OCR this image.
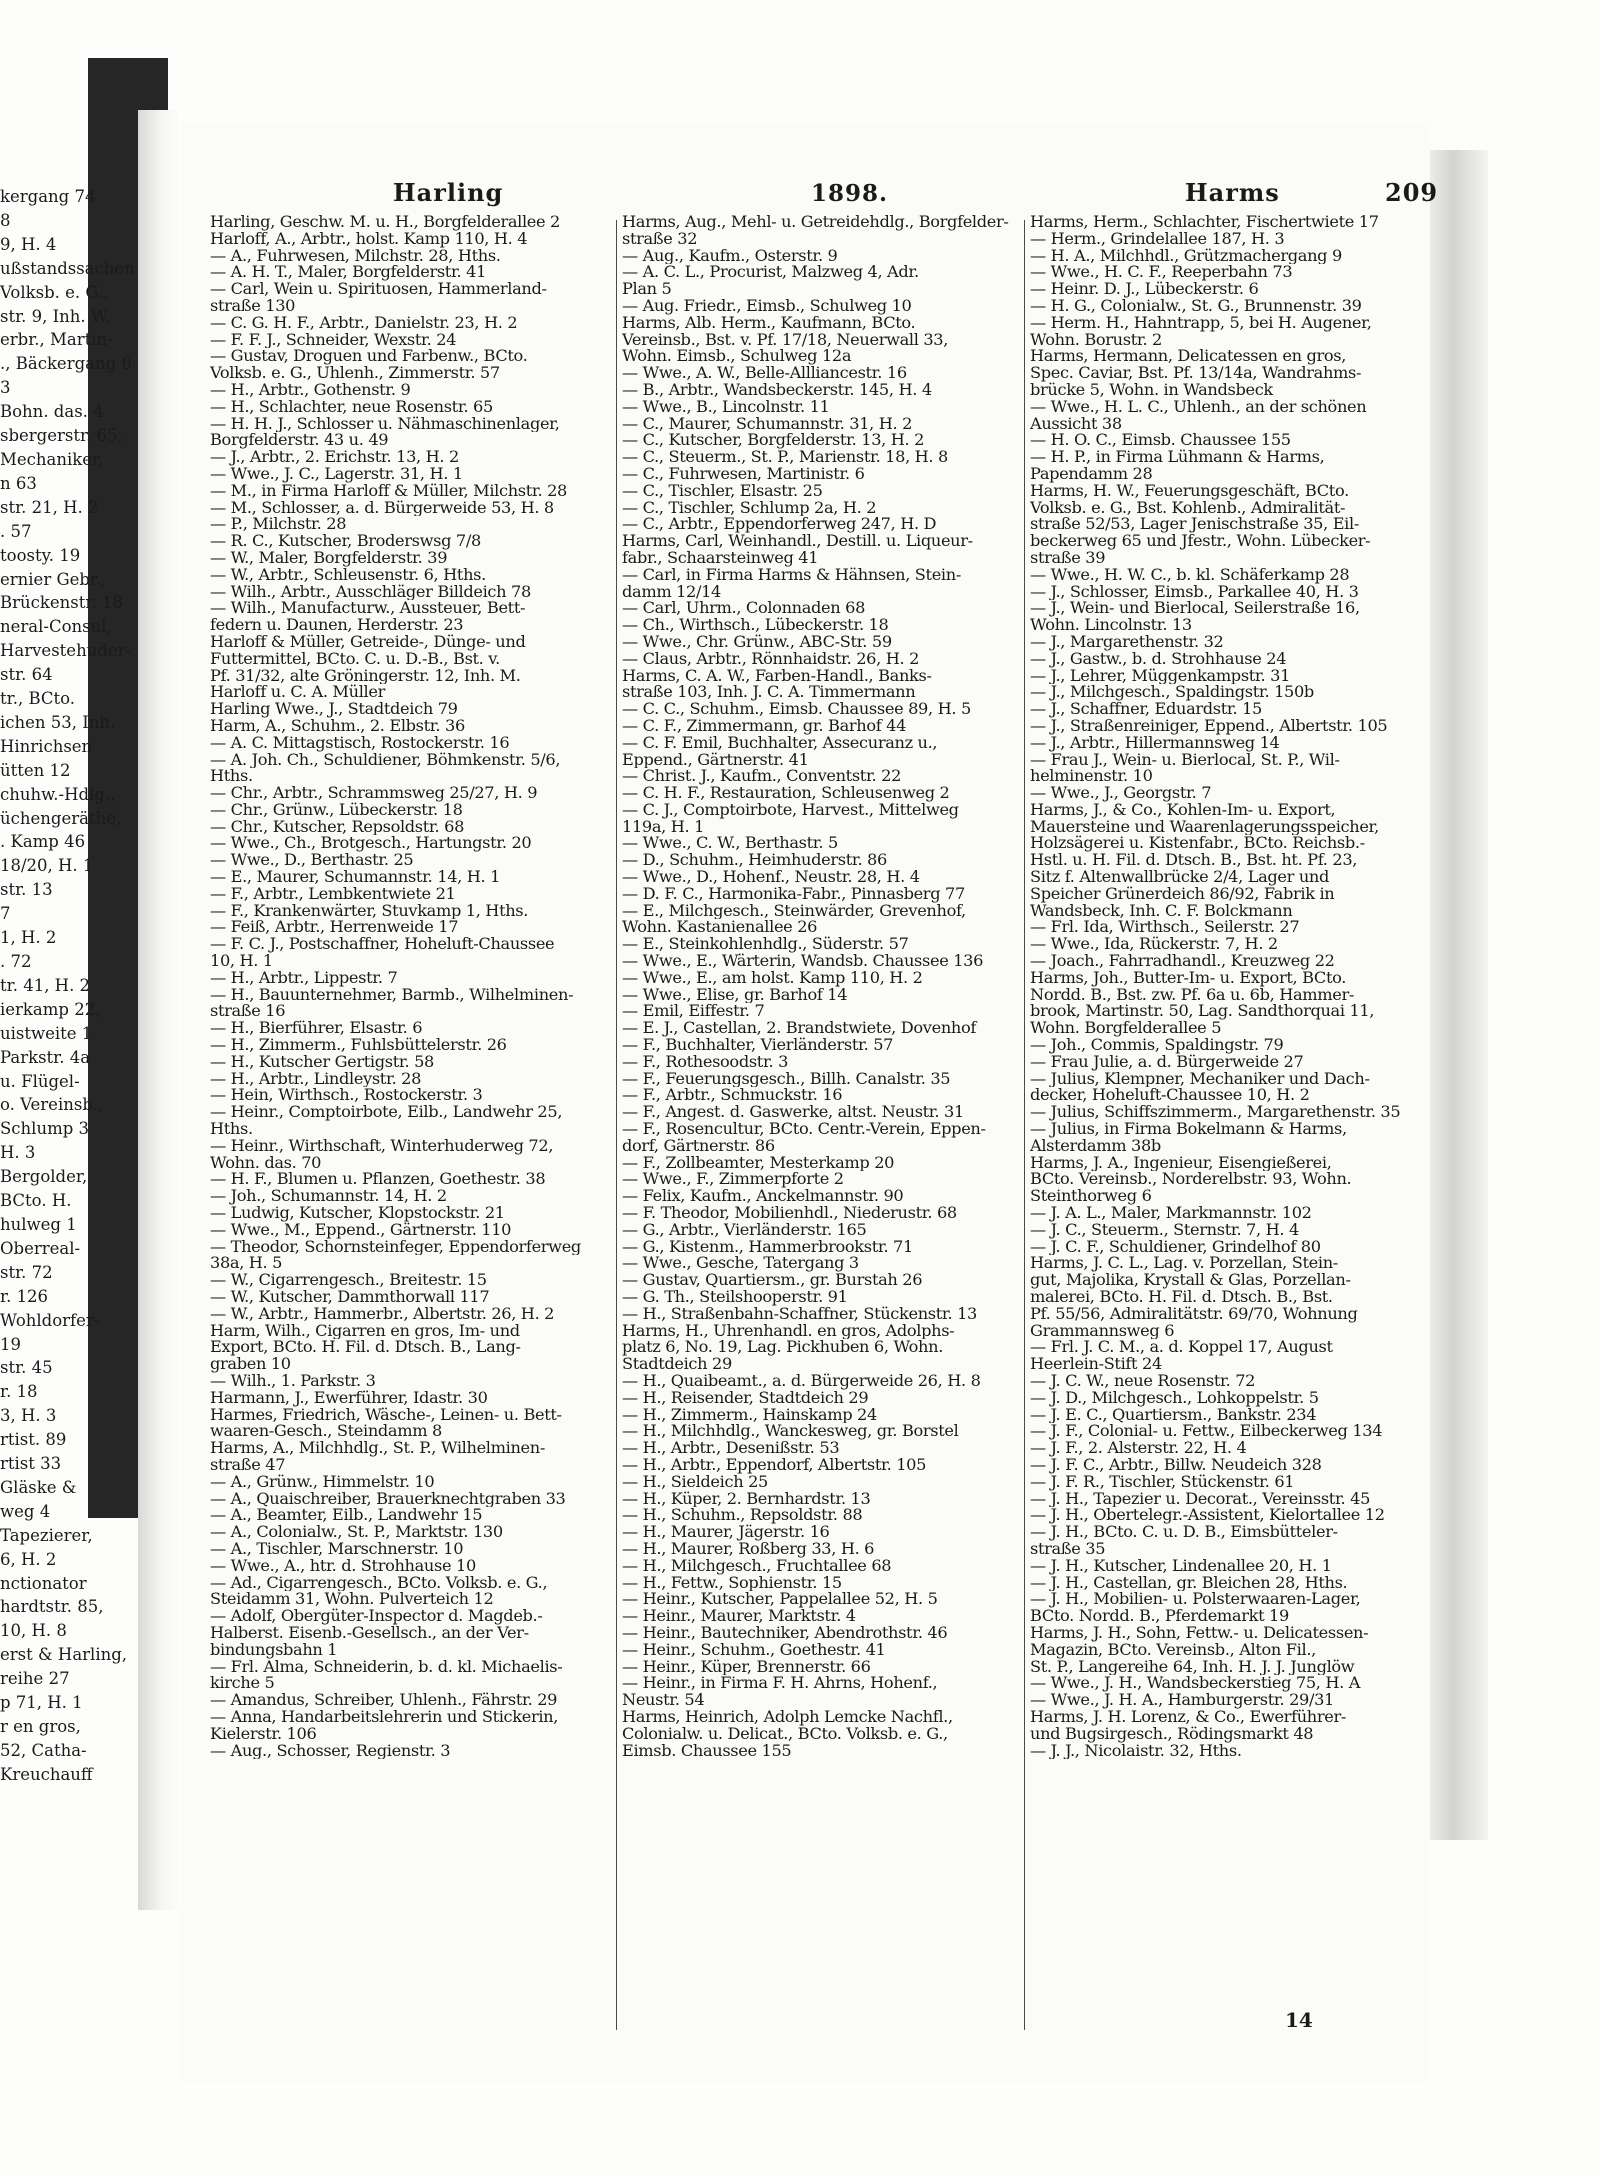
kergang 74
8
9, H. 4
ußstandssachen
Volksb. e. G.,
str. 9, Inh. W.
erbr., Martin-
., Bäckergang 6
3
Bohn. das. 4
sbergerstr. 65,
Mechaniker,
n 63
str. 21, H. 2
. 57
toosty. 19
ernier Gebr.,
Brückenstr. 18
neral-Consul,
Harvestehuder-
str. 64
tr., BCto.
ichen 53, Inh.
Hinrichsen
ütten 12
chuhw.-Hdlg.,
üchengeräthe,
. Kamp 46
18/20, H. 1
str. 13
7
1, H. 2
. 72
tr. 41, H. 2
ierkamp 22,
uistweite 1
Parkstr. 4a
u. Flügel-
o. Vereinsb.,
Schlump 3
H. 3
Bergolder,
BCto. H.
hulweg 1
Oberreal-
str. 72
r. 126
Wohldorfer-
19
str. 45
r. 18
3, H. 3
rtist. 89
rtist 33
Gläske &
weg 4
Tapezierer,
6, H. 2
nctionator
hardtstr. 85,
10, H. 8
erst & Harling,
reihe 27
p 71, H. 1
r en gros,
52, Catha-
Kreuchauff
Harling	1898.	Harms	209
Harling, Geschw. M. u. H., Borgfelderallee 2
Harloff, A., Arbtr., holst. Kamp 110, H. 4
— A., Fuhrwesen, Milchstr. 28, Hths.
— A. H. T., Maler, Borgfelderstr. 41
— Carl, Wein u. Spirituosen, Hammerland-
straße 130
— C. G. H. F., Arbtr., Danielstr. 23, H. 2
— F. F. J., Schneider, Wexstr. 24
— Gustav, Droguen und Farbenw., BCto.
Volksb. e. G., Uhlenh., Zimmerstr. 57
— H., Arbtr., Gothenstr. 9
— H., Schlachter, neue Rosenstr. 65
— H. H. J., Schlosser u. Nähmaschinenlager,
Borgfelderstr. 43 u. 49
— J., Arbtr., 2. Erichstr. 13, H. 2
— Wwe., J. C., Lagerstr. 31, H. 1
— M., in Firma Harloff & Müller, Milchstr. 28
— M., Schlosser, a. d. Bürgerweide 53, H. 8
— P., Milchstr. 28
— R. C., Kutscher, Broderswsg 7/8
— W., Maler, Borgfelderstr. 39
— W., Arbtr., Schleusenstr. 6, Hths.
— Wilh., Arbtr., Ausschläger Billdeich 78
— Wilh., Manufacturw., Aussteuer, Bett-
federn u. Daunen, Herderstr. 23
Harloff & Müller, Getreide-, Dünge- und
Futtermittel, BCto. C. u. D.-B., Bst. v.
Pf. 31/32, alte Gröningerstr. 12, Inh. M.
Harloff u. C. A. Müller
Harling Wwe., J., Stadtdeich 79
Harm, A., Schuhm., 2. Elbstr. 36
— A. C. Mittagstisch, Rostockerstr. 16
— A. Joh. Ch., Schuldiener, Böhmkenstr. 5/6,
Hths.
— Chr., Arbtr., Schrammsweg 25/27, H. 9
— Chr., Grünw., Lübeckerstr. 18
— Chr., Kutscher, Repsoldstr. 68
— Wwe., Ch., Brotgesch., Hartungstr. 20
— Wwe., D., Berthastr. 25
— E., Maurer, Schumannstr. 14, H. 1
— F., Arbtr., Lembkentwiete 21
— F., Krankenwärter, Stuvkamp 1, Hths.
— Feiß, Arbtr., Herrenweide 17
— F. C. J., Postschaffner, Hoheluft-Chaussee
10, H. 1
— H., Arbtr., Lippestr. 7
— H., Bauunternehmer, Barmb., Wilhelminen-
straße 16
— H., Bierführer, Elsastr. 6
— H., Zimmerm., Fuhlsbüttelerstr. 26
— H., Kutscher Gertigstr. 58
— H., Arbtr., Lindleystr. 28
— Hein, Wirthsch., Rostockerstr. 3
— Heinr., Comptoirbote, Eilb., Landwehr 25,
Hths.
— Heinr., Wirthschaft, Winterhuderweg 72,
Wohn. das. 70
— H. F., Blumen u. Pflanzen, Goethestr. 38
— Joh., Schumannstr. 14, H. 2
— Ludwig, Kutscher, Klopstockstr. 21
— Wwe., M., Eppend., Gärtnerstr. 110
— Theodor, Schornsteinfeger, Eppendorferweg
38a, H. 5
— W., Cigarrengesch., Breitestr. 15
— W., Kutscher, Dammthorwall 117
— W., Arbtr., Hammerbr., Albertstr. 26, H. 2
Harm, Wilh., Cigarren en gros, Im- und
Export, BCto. H. Fil. d. Dtsch. B., Lang-
graben 10
— Wilh., 1. Parkstr. 3
Harmann, J., Ewerführer, Idastr. 30
Harmes, Friedrich, Wäsche-, Leinen- u. Bett-
waaren-Gesch., Steindamm 8
Harms, A., Milchhdlg., St. P., Wilhelminen-
straße 47
— A., Grünw., Himmelstr. 10
— A., Quaischreiber, Brauerknechtgraben 33
— A., Beamter, Eilb., Landwehr 15
— A., Colonialw., St. P., Marktstr. 130
— A., Tischler, Marschnerstr. 10
— Wwe., A., htr. d. Strohhause 10
— Ad., Cigarrengesch., BCto. Volksb. e. G.,
Steidamm 31, Wohn. Pulverteich 12
— Adolf, Obergüter-Inspector d. Magdeb.-
Halberst. Eisenb.-Gesellsch., an der Ver-
bindungsbahn 1
— Frl. Alma, Schneiderin, b. d. kl. Michaelis-
kirche 5
— Amandus, Schreiber, Uhlenh., Fährstr. 29
— Anna, Handarbeitslehrerin und Stickerin,
Kielerstr. 106
— Aug., Schosser, Regienstr. 3
Harms, Aug., Mehl- u. Getreidehdlg., Borgfelder-
straße 32
— Aug., Kaufm., Osterstr. 9
— A. C. L., Procurist, Malzweg 4, Adr.
Plan 5
— Aug. Friedr., Eimsb., Schulweg 10
Harms, Alb. Herm., Kaufmann, BCto.
Vereinsb., Bst. v. Pf. 17/18, Neuerwall 33,
Wohn. Eimsb., Schulweg 12a
— Wwe., A. W., Belle-Allliancestr. 16
— B., Arbtr., Wandsbeckerstr. 145, H. 4
— Wwe., B., Lincolnstr. 11
— C., Maurer, Schumannstr. 31, H. 2
— C., Kutscher, Borgfelderstr. 13, H. 2
— C., Steuerm., St. P., Marienstr. 18, H. 8
— C., Fuhrwesen, Martinistr. 6
— C., Tischler, Elsastr. 25
— C., Tischler, Schlump 2a, H. 2
— C., Arbtr., Eppendorferweg 247, H. D
Harms, Carl, Weinhandl., Destill. u. Liqueur-
fabr., Schaarsteinweg 41
— Carl, in Firma Harms & Hähnsen, Stein-
damm 12/14
— Carl, Uhrm., Colonnaden 68
— Ch., Wirthsch., Lübeckerstr. 18
— Wwe., Chr. Grünw., ABC-Str. 59
— Claus, Arbtr., Rönnhaidstr. 26, H. 2
Harms, C. A. W., Farben-Handl., Banks-
straße 103, Inh. J. C. A. Timmermann
— C. C., Schuhm., Eimsb. Chaussee 89, H. 5
— C. F., Zimmermann, gr. Barhof 44
— C. F. Emil, Buchhalter, Assecuranz u.,
Eppend., Gärtnerstr. 41
— Christ. J., Kaufm., Conventstr. 22
— C. H. F., Restauration, Schleusenweg 2
— C. J., Comptoirbote, Harvest., Mittelweg
119a, H. 1
— Wwe., C. W., Berthastr. 5
— D., Schuhm., Heimhuderstr. 86
— Wwe., D., Hohenf., Neustr. 28, H. 4
— D. F. C., Harmonika-Fabr., Pinnasberg 77
— E., Milchgesch., Steinwärder, Grevenhof,
Wohn. Kastanienallee 26
— E., Steinkohlenhdlg., Süderstr. 57
— Wwe., E., Wärterin, Wandsb. Chaussee 136
— Wwe., E., am holst. Kamp 110, H. 2
— Wwe., Elise, gr. Barhof 14
— Emil, Eiffestr. 7
— E. J., Castellan, 2. Brandstwiete, Dovenhof
— F., Buchhalter, Vierländerstr. 57
— F., Rothesoodstr. 3
— F., Feuerungsgesch., Billh. Canalstr. 35
— F., Arbtr., Schmuckstr. 16
— F., Angest. d. Gaswerke, altst. Neustr. 31
— F., Rosencultur, BCto. Centr.-Verein, Eppen-
dorf, Gärtnerstr. 86
— F., Zollbeamter, Mesterkamp 20
— Wwe., F., Zimmerpforte 2
— Felix, Kaufm., Anckelmannstr. 90
— F. Theodor, Mobilienhdl., Niederustr. 68
— G., Arbtr., Vierländerstr. 165
— G., Kistenm., Hammerbrookstr. 71
— Wwe., Gesche, Tatergang 3
— Gustav, Quartiersm., gr. Burstah 26
— G. Th., Steilshooperstr. 91
— H., Straßenbahn-Schaffner, Stückenstr. 13
Harms, H., Uhrenhandl. en gros, Adolphs-
platz 6, No. 19, Lag. Pickhuben 6, Wohn.
Stadtdeich 29
— H., Quaibeamt., a. d. Bürgerweide 26, H. 8
— H., Reisender, Stadtdeich 29
— H., Zimmerm., Hainskamp 24
— H., Milchhdlg., Wanckesweg, gr. Borstel
— H., Arbtr., Desenißstr. 53
— H., Arbtr., Eppendorf, Albertstr. 105
— H., Sieldeich 25
— H., Küper, 2. Bernhardstr. 13
— H., Schuhm., Repsoldstr. 88
— H., Maurer, Jägerstr. 16
— H., Maurer, Roßberg 33, H. 6
— H., Milchgesch., Fruchtallee 68
— H., Fettw., Sophienstr. 15
— Heinr., Kutscher, Pappelallee 52, H. 5
— Heinr., Maurer, Marktstr. 4
— Heinr., Bautechniker, Abendrothstr. 46
— Heinr., Schuhm., Goethestr. 41
— Heinr., Küper, Brennerstr. 66
— Heinr., in Firma F. H. Ahrns, Hohenf.,
Neustr. 54
Harms, Heinrich, Adolph Lemcke Nachfl.,
Colonialw. u. Delicat., BCto. Volksb. e. G.,
Eimsb. Chaussee 155
Harms, Herm., Schlachter, Fischertwiete 17
— Herm., Grindelallee 187, H. 3
— H. A., Milchhdl., Grützmachergang 9
— Wwe., H. C. F., Reeperbahn 73
— Heinr. D. J., Lübeckerstr. 6
— H. G., Colonialw., St. G., Brunnenstr. 39
— Herm. H., Hahntrapp, 5, bei H. Augener,
Wohn. Borustr. 2
Harms, Hermann, Delicatessen en gros,
Spec. Caviar, Bst. Pf. 13/14a, Wandrahms-
brücke 5, Wohn. in Wandsbeck
— Wwe., H. L. C., Uhlenh., an der schönen
Aussicht 38
— H. O. C., Eimsb. Chaussee 155
— H. P., in Firma Lühmann & Harms,
Papendamm 28
Harms, H. W., Feuerungsgeschäft, BCto.
Volksb. e. G., Bst. Kohlenb., Admiralität-
straße 52/53, Lager Jenischstraße 35, Eil-
beckerweg 65 und Jfestr., Wohn. Lübecker-
straße 39
— Wwe., H. W. C., b. kl. Schäferkamp 28
— J., Schlosser, Eimsb., Parkallee 40, H. 3
— J., Wein- und Bierlocal, Seilerstraße 16,
Wohn. Lincolnstr. 13
— J., Margarethenstr. 32
— J., Gastw., b. d. Strohhause 24
— J., Lehrer, Müggenkampstr. 31
— J., Milchgesch., Spaldingstr. 150b
— J., Schaffner, Eduardstr. 15
— J., Straßenreiniger, Eppend., Albertstr. 105
— J., Arbtr., Hillermannsweg 14
— Frau J., Wein- u. Bierlocal, St. P., Wil-
helminenstr. 10
— Wwe., J., Georgstr. 7
Harms, J., & Co., Kohlen-Im- u. Export,
Mauersteine und Waarenlagerungsspeicher,
Holzsägerei u. Kistenfabr., BCto. Reichsb.-
Hstl. u. H. Fil. d. Dtsch. B., Bst. ht. Pf. 23,
Sitz f. Altenwallbrücke 2/4, Lager und
Speicher Grünerdeich 86/92, Fabrik in
Wandsbeck, Inh. C. F. Bolckmann
— Frl. Ida, Wirthsch., Seilerstr. 27
— Wwe., Ida, Rückerstr. 7, H. 2
— Joach., Fahrradhandl., Kreuzweg 22
Harms, Joh., Butter-Im- u. Export, BCto.
Nordd. B., Bst. zw. Pf. 6a u. 6b, Hammer-
brook, Martinstr. 50, Lag. Sandthorquai 11,
Wohn. Borgfelderallee 5
— Joh., Commis, Spaldingstr. 79
— Frau Julie, a. d. Bürgerweide 27
— Julius, Klempner, Mechaniker und Dach-
decker, Hoheluft-Chaussee 10, H. 2
— Julius, Schiffszimmerm., Margarethenstr. 35
— Julius, in Firma Bokelmann & Harms,
Alsterdamm 38b
Harms, J. A., Ingenieur, Eisengießerei,
BCto. Vereinsb., Norderelbstr. 93, Wohn.
Steinthorweg 6
— J. A. L., Maler, Markmannstr. 102
— J. C., Steuerm., Sternstr. 7, H. 4
— J. C. F., Schuldiener, Grindelhof 80
Harms, J. C. L., Lag. v. Porzellan, Stein-
gut, Majolika, Krystall & Glas, Porzellan-
malerei, BCto. H. Fil. d. Dtsch. B., Bst.
Pf. 55/56, Admiralitätstr. 69/70, Wohnung
Grammannsweg 6
— Frl. J. C. M., a. d. Koppel 17, August
Heerlein-Stift 24
— J. C. W., neue Rosenstr. 72
— J. D., Milchgesch., Lohkoppelstr. 5
— J. E. C., Quartiersm., Bankstr. 234
— J. F., Colonial- u. Fettw., Eilbeckerweg 134
— J. F., 2. Alsterstr. 22, H. 4
— J. F. C., Arbtr., Billw. Neudeich 328
— J. F. R., Tischler, Stückenstr. 61
— J. H., Tapezier u. Decorat., Vereinsstr. 45
— J. H., Obertelegr.-Assistent, Kielortallee 12
— J. H., BCto. C. u. D. B., Eimsbütteler-
straße 35
— J. H., Kutscher, Lindenallee 20, H. 1
— J. H., Castellan, gr. Bleichen 28, Hths.
— J. H., Mobilien- u. Polsterwaaren-Lager,
BCto. Nordd. B., Pferdemarkt 19
Harms, J. H., Sohn, Fettw.- u. Delicatessen-
Magazin, BCto. Vereinsb., Alton Fil.,
St. P., Langereihe 64, Inh. H. J. J. Junglöw
— Wwe., J. H., Wandsbeckerstieg 75, H. A
— Wwe., J. H. A., Hamburgerstr. 29/31
Harms, J. H. Lorenz, & Co., Ewerführer-
und Bugsirgesch., Rödingsmarkt 48
— J. J., Nicolaistr. 32, Hths.
14
